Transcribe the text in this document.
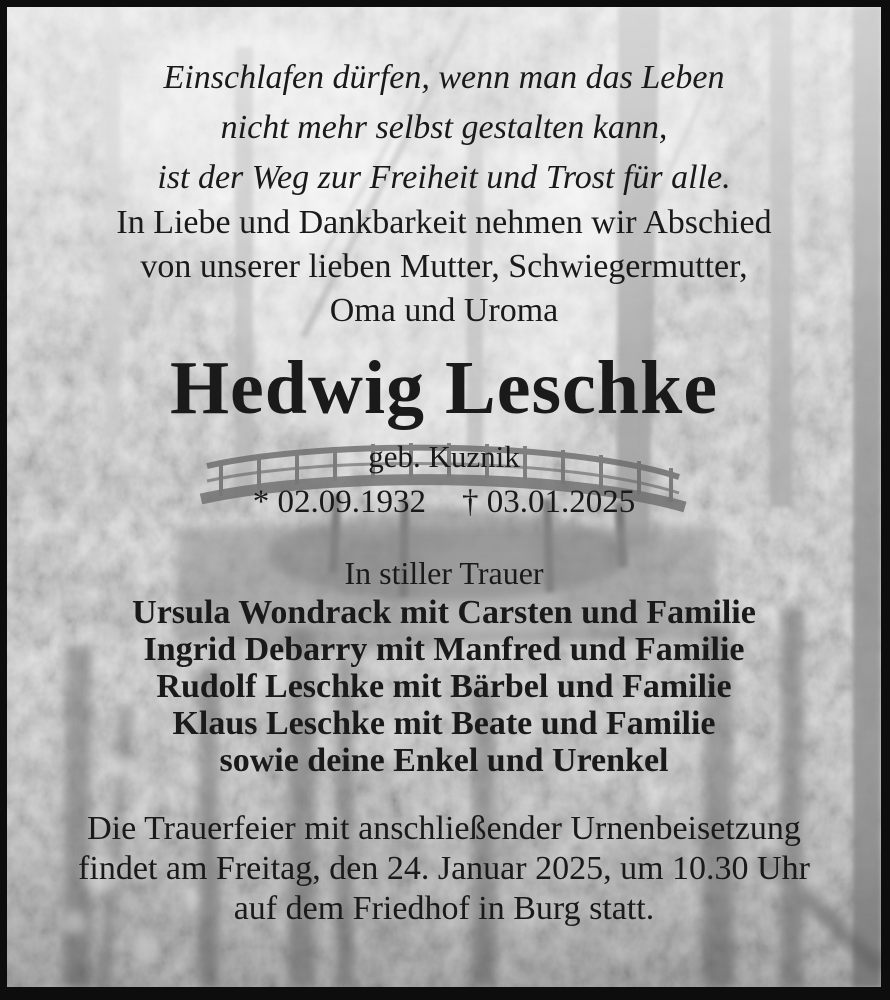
Einschlafen dürfen, wenn man das Leben
nicht mehr selbst gestalten kann,
ist der Weg zur Freiheit und Trost für alle.
In Liebe und Dankbarkeit nehmen wir Abschied
von unserer lieben Mutter, Schwiegermutter,
Oma und Uroma
Hedwig Leschke
geb. Kuznik
* 02.09.1932 † 03.01.2025
In stiller Trauer
Ursula Wondrack mit Carsten und Familie
Ingrid Debarry mit Manfred und Familie
Rudolf Leschke mit Bärbel und Familie
Klaus Leschke mit Beate und Familie
sowie deine Enkel und Urenkel
Die Trauerfeier mit anschließender Urnenbeisetzung
findet am Freitag, den 24. Januar 2025, um 10.30 Uhr
auf dem Friedhof in Burg statt.
